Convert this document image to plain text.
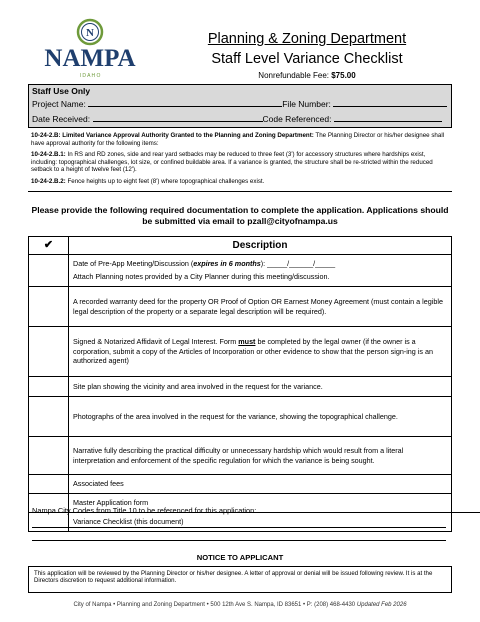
N
NAMPA
I D A H O
Planning & Zoning Department
Staff Level Variance Checklist
Nonrefundable Fee: $75.00
Staff Use Only
Project Name:	File Number:
Date Received:	Code Referenced:

10-24-2.B: Limited Variance Approval Authority Granted to the Planning and Zoning Department: The Planning Director or his/her designee shall have approval authority for the following items:

10-24-2.B.1: In RS and RD zones, side and rear yard setbacks may be reduced to three feet (3') for accessory structures where hardships exist, including: topographical challenges, lot size, or confined buildable area. If a variance is granted, the structure shall be re-stricted within the reduced setback to a height of twelve feet (12').

10-24-2.B.2: Fence heights up to eight feet (8') where topographical challenges exist.

Please provide the following required documentation to complete the application. Applications should
be submitted via email to pzall@cityofnampa.us
✔	Description

	Date of Pre-App Meeting/Discussion (expires in 6 months): _____/______/_____
Attach Planning notes provided by a City Planner during this meeting/discussion.

	A recorded warranty deed for the property OR Proof of Option OR Earnest Money Agreement (must contain a legible legal description of the property or a separate legal description will be required).
	Signed & Notarized Affidavit of Legal Interest. Form must be completed by the legal owner (if the owner is a corporation, submit a copy of the Articles of Incorporation or other evidence to show that the person sign-ing is an authorized agent)
	Site plan showing the vicinity and area involved in the request for the variance.
	Photographs of the area involved in the request for the variance, showing the topographical challenge.
	Narrative fully describing the practical difficulty or unnecessary hardship which would result from a literal interpretation and enforcement of the specific regulation for which the variance is being sought.
	Associated fees
	Master Application form
	Variance Checklist (this document)
Nampa City Codes from Title 10 to be referenced for this application:
NOTICE TO APPLICANT
This application will be reviewed by the Planning Director or his/her designee. A letter of approval or denial will be issued following review. It is at the Directors discretion to request additional information.
City of Nampa • Planning and Zoning Department • 500 12th Ave S. Nampa, ID 83651 • P: (208) 468-4430 Updated Feb 2026
